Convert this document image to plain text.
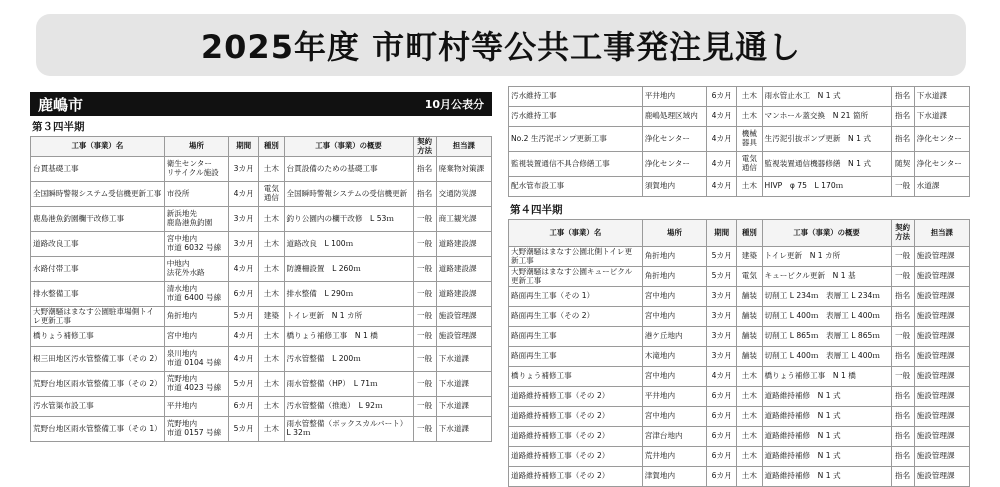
2025年度 市町村等公共工事発注見通し
鹿嶋市	10月公表分
第３四半期
工事（事業）名	場所	期間	種別	工事（事業）の概要	契約
方法	担当課

台貫基礎工事	衛生センター
リサイクル施設	3カ月	土木	台貫設備のための基礎工事	指名	廃棄物対策課

全国瞬時警報システム受信機更新工事	市役所	4カ月	電気
通信	全国瞬時警報システムの受信機更新	指名	交通防災課

鹿島港魚釣園欄干改修工事	新浜地先
鹿島港魚釣園	3カ月	土木	釣り公園内の欄干改修　L 53ｍ	一般	商工観光課

道路改良工事	宮中地内
市道 6032 号線	3カ月	土木	道路改良　L 100ｍ	一般	道路建設課

水路付帯工事	中地内
法花外水路	4カ月	土木	防護柵設置　L 260ｍ	一般	道路建設課

排水整備工事	清水地内
市道 6400 号線	6カ月	土木	排水整備　L 290ｍ	一般	道路建設課

大野潮騒はまなす公園駐車場側トイレ更新工事	角折地内	5カ月	建築	トイレ更新　N 1 カ所	一般	施設管理課

橋りょう補修工事	宮中地内	4カ月	土木	橋りょう補修工事　N 1 橋	一般	施設管理課

根三田地区汚水管整備工事（その 2）	泉川地内
市道 0104 号線	4カ月	土木	汚水管整備　L 200ｍ	一般	下水道課

荒野台地区雨水管整備工事（その 2）	荒野地内
市道 4023 号線	5カ月	土木	雨水管整備（HP）　L 71ｍ	一般	下水道課

汚水管渠布設工事	平井地内	6カ月	土木	汚水管整備（推進）　L 92ｍ	一般	下水道課

荒野台地区雨水管整備工事（その 1）	荒野地内
市道 0157 号線	5カ月	土木	雨水管整備（ボックスカルバート）
L 32ｍ	一般	下水道課
汚水維持工事	平井地内	6カ月	土木	雨水管止水工　N 1 式	指名	下水道課

汚水維持工事	鹿嶋処理区域内	4カ月	土木	マンホール蓋交換　N 21 箇所	指名	下水道課

No.2 生汚泥ポンプ更新工事	浄化センター	4カ月	機械
器具	生汚泥引抜ポンプ更新　N 1 式	指名	浄化センター

監視装置通信不具合修繕工事	浄化センター	4カ月	電気
通信	監視装置通信機器修繕　N 1 式	随契	浄化センター

配水管布設工事	須賀地内	4カ月	土木	HIVP　φ 75　L 170ｍ	一般	水道課
第４四半期
工事（事業）名	場所	期間	種別	工事（事業）の概要	契約
方法	担当課

大野潮騒はまなす公園北側トイレ更新工事	角折地内	5カ月	建築	トイレ更新　N 1 カ所	一般	施設管理課

大野潮騒はまなす公園キュービクル更新工事	角折地内	5カ月	電気	キュービクル更新　N 1 基	一般	施設管理課

路面再生工事（その 1）	宮中地内	3カ月	舗装	切削工 L 234ｍ　表層工 L 234ｍ	指名	施設管理課

路面再生工事（その 2）	宮中地内	3カ月	舗装	切削工 L 400ｍ　表層工 L 400ｍ	指名	施設管理課

路面再生工事	港ケ丘地内	3カ月	舗装	切削工 L 865ｍ　表層工 L 865ｍ	一般	施設管理課

路面再生工事	木滝地内	3カ月	舗装	切削工 L 400ｍ　表層工 L 400ｍ	指名	施設管理課

橋りょう補修工事	宮中地内	4カ月	土木	橋りょう補修工事　N 1 橋	一般	施設管理課

道路維持補修工事（その 2）	平井地内	6カ月	土木	道路維持補修　N 1 式	指名	施設管理課

道路維持補修工事（その 2）	宮中地内	6カ月	土木	道路維持補修　N 1 式	指名	施設管理課

道路維持補修工事（その 2）	宮津台地内	6カ月	土木	道路維持補修　N 1 式	指名	施設管理課

道路維持補修工事（その 2）	荒井地内	6カ月	土木	道路維持補修　N 1 式	指名	施設管理課

道路維持補修工事（その 2）	津賀地内	6カ月	土木	道路維持補修　N 1 式	指名	施設管理課
